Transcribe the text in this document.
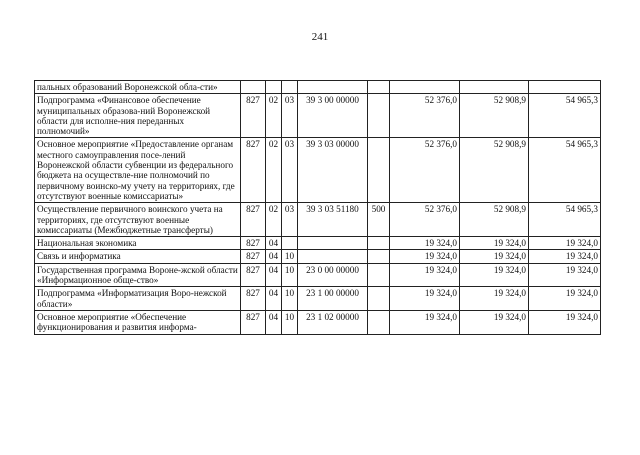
241
пальных образований Воронежской обла-сти»								
Подпрограмма «Финансовое обеспечение муниципальных образова-ний Воронежской области для исполне-ния переданных полномочий»	827	02	03	39 3 00 00000		52 376,0	52 908,9	54 965,3
Основное мероприятие «Предоставление органам местного самоуправления посе-лений Воронежской области субвенции из федерального бюджета на осуществле-ние полномочий по первичному воинско-му учету на территориях, где отсутствуют военные комиссариаты»	827	02	03	39 3 03 00000		52 376,0	52 908,9	54 965,3
Осуществление первичного воинского учета на территориях, где отсутствуют военные комиссариаты (Межбюджетные трансферты)	827	02	03	39 3 03 51180	500	52 376,0	52 908,9	54 965,3
Национальная экономика	827	04				19 324,0	19 324,0	19 324,0
Связь и информатика	827	04	10			19 324,0	19 324,0	19 324,0
Государственная программа Вороне-жской области «Информационное обще-ство»	827	04	10	23 0 00 00000		19 324,0	19 324,0	19 324,0
Подпрограмма «Информатизация Воро-нежской области»	827	04	10	23 1 00 00000		19 324,0	19 324,0	19 324,0
Основное мероприятие «Обеспечение функционирования и развития информа-	827	04	10	23 1 02 00000		19 324,0	19 324,0	19 324,0
